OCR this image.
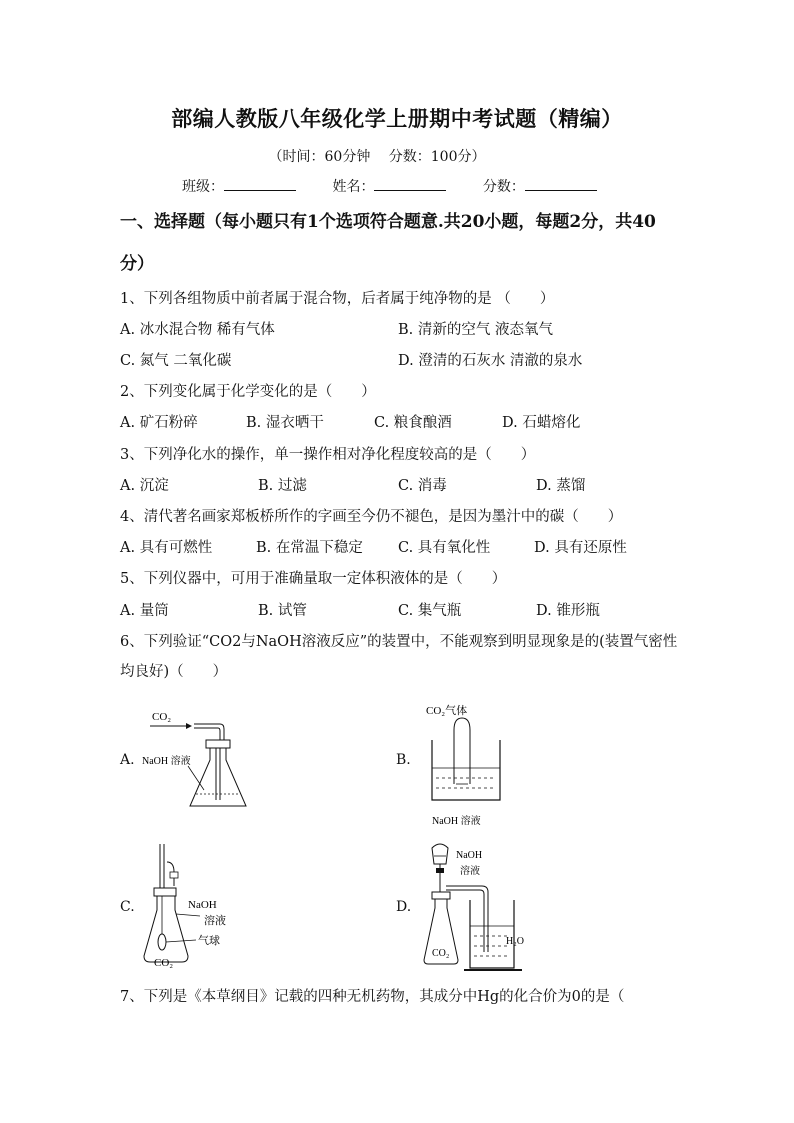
部编人教版八年级化学上册期中考试题（精编）
（时间：60分钟　 分数：100分）
班级：	姓名：	分数：
一、选择题（每小题只有1个选项符合题意.共20小题，每题2分，共40分）
1、下列各组物质中前者属于混合物，后者属于纯净物的是 （　　）
A. 冰水混合物 稀有气体	B. 清新的空气 液态氧气
C. 氮气 二氧化碳	D. 澄清的石灰水 清澈的泉水
2、下列变化属于化学变化的是（　　）
A. 矿石粉碎	B. 湿衣晒干	C. 粮食酿酒	D. 石蜡熔化
3、下列净化水的操作，单一操作相对净化程度较高的是（　　）
A. 沉淀	B. 过滤	C. 消毒	D. 蒸馏
4、清代著名画家郑板桥所作的字画至今仍不褪色，是因为墨汁中的碳（　　）
A. 具有可燃性	B. 在常温下稳定 C. 具有氧化性	D. 具有还原性
5、下列仪器中，可用于准确量取一定体积液体的是（　　）
A. 量筒	B. 试管	C. 集气瓶	D. 锥形瓶
6、下列验证“CO2与NaOH溶液反应”的装置中，不能观察到明显现象是的(装置气密性均良好)（　　）
A.	B.
C.	D.
CO₂
NaOH 溶液
CO₂气体
NaOH 溶液
NaOH
溶液
气球
CO₂
NaOH
溶液
CO₂
H₂O
7、下列是《本草纲目》记载的四种无机药物，其成分中Hg的化合价为0的是（
